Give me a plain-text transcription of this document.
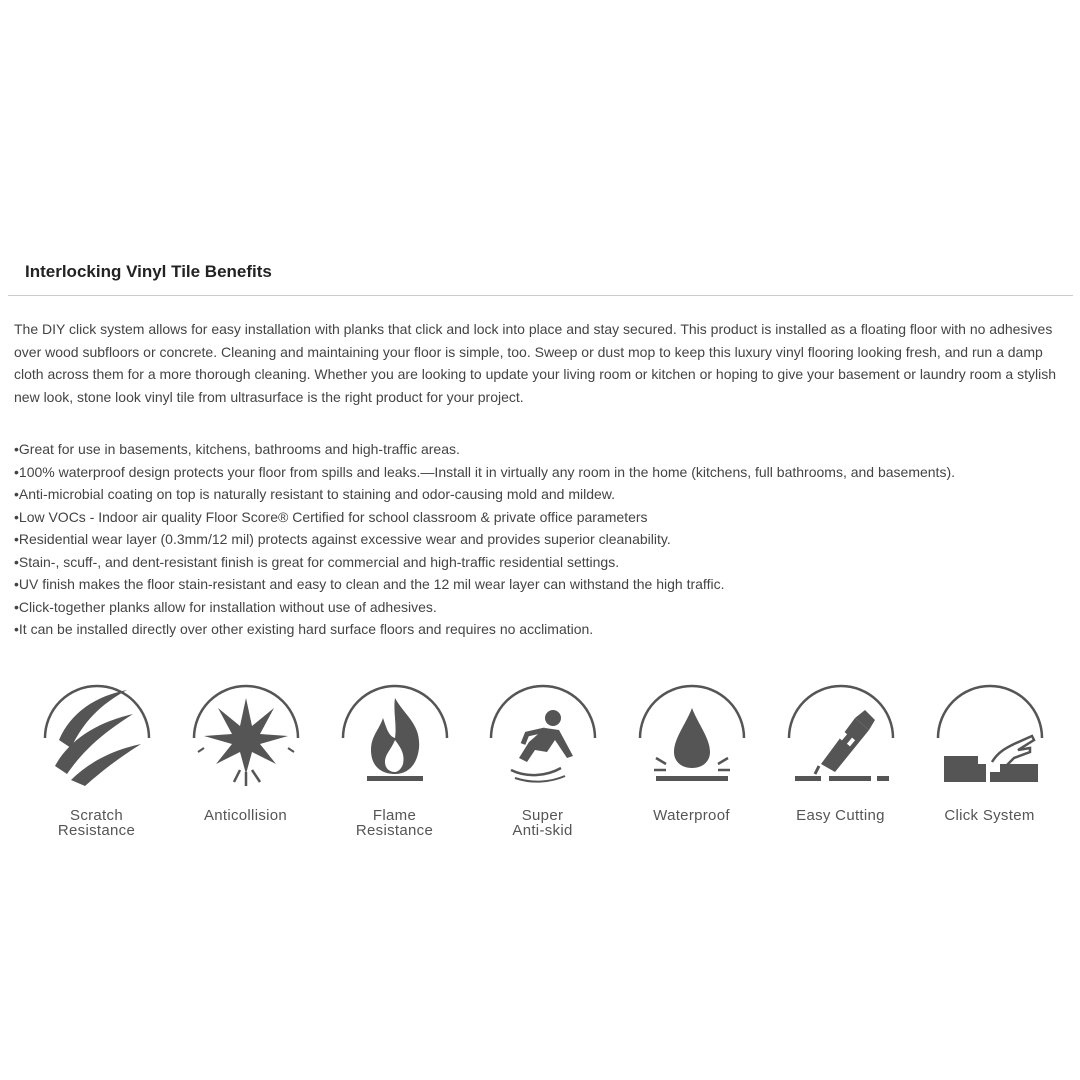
Interlocking Vinyl Tile Benefits

The DIY click system allows for easy installation with planks that click and lock into place and stay secured. This product is installed as a floating floor with no adhesives over wood subfloors or concrete. Cleaning and maintaining your floor is simple, too. Sweep or dust mop to keep this luxury vinyl flooring looking fresh, and run a damp cloth across them for a more thorough cleaning. Whether you are looking to update your living room or kitchen or hoping to give your basement or laundry room a stylish new look, stone look vinyl tile from ultrasurface is the right product for your project.

•Great for use in basements, kitchens, bathrooms and high-traffic areas.
•100% waterproof design protects your floor from spills and leaks.—Install it in virtually any room in the home (kitchens, full bathrooms, and basements).
•Anti-microbial coating on top is naturally resistant to staining and odor-causing mold and mildew.
•Low VOCs - Indoor air quality Floor Score® Certified for school classroom & private office parameters
•Residential wear layer (0.3mm/12 mil) protects against excessive wear and provides superior cleanability.
•Stain-, scuff-, and dent-resistant finish is great for commercial and high-traffic residential settings.
•UV finish makes the floor stain-resistant and easy to clean and the 12 mil wear layer can withstand the high traffic.
•Click-together planks allow for installation without use of adhesives.
•It can be installed directly over other existing hard surface floors and requires no acclimation.
Scratch
Resistance
Anticollision	Flame
Resistance
Super
Anti-skid
Waterproof	Easy Cutting	Click System
